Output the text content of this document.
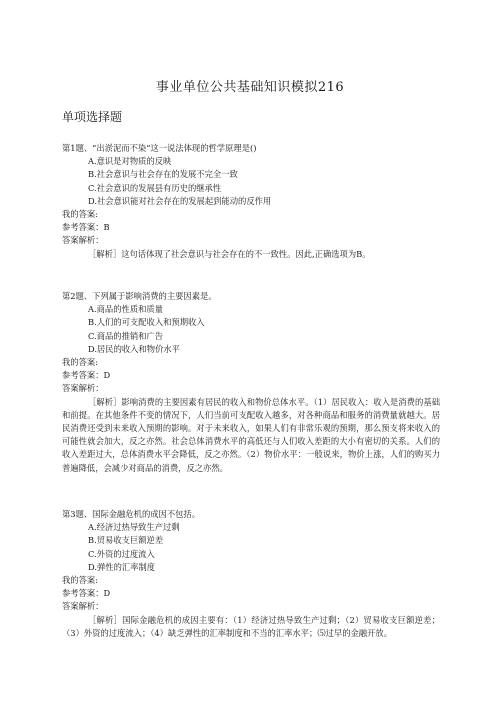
事业单位公共基础知识模拟216
单项选择题
第1题、“出淤泥而不染”这一说法体现的哲学原理是()
A.意识是对物质的反映
B.社会意识与社会存在的发展不完全一致
C.社会意识的发展县有历史的继承性
D.社会意识能对社会存在的发展起到能动的反作用
我的答案:
参考答案：B
答案解析：
［解析］这句话体现了社会意识与社会存在的不一致性。因此,正确选项为B。
第2题、下列属于影响消费的主要因素是。
A.商品的性质和质量
B.人们的可支配收入和预期收入
C.商品的推销和广告
D.居民的收入和物价水平
我的答案:
参考答案：D
答案解析：
［解析］影响消费的主要因素有居民的收入和物价总体水平。（1）居民收入：收入是消费的基础和前提。在其他条件不变的情况下，人们当前可支配收入越多，对各种商品和服务的消费量就越大。居民消费还受到未来收入预期的影响。对于未来收入，如果人们有非常乐观的预期，那么预支将来收入的可能性就会加大，反之亦然。社会总体消费水平的高低还与人们收入差距的大小有密切的关系。人们的收入差距过大，总体消费水平会降低，反之亦然。（2）物价水平：一般说来，物价上涨，人们的购买力普遍降低，会减少对商品的消费，反之亦然。
第3题、国际金融危机的成因不包括。
A.经济过热导致生产过剩
B.贸易收支巨额逆差
C.外资的过度流入
D.弹性的汇率制度
我的答案:
参考答案：D
答案解析：
［解析］国际金融危机的成因主要有：（1）经济过热导致生产过剩；（2）贸易收支巨额逆差；（3）外资的过度流入；（4）缺乏弹性的汇率制度和不当的汇率水平；⑸过早的金融开放。
